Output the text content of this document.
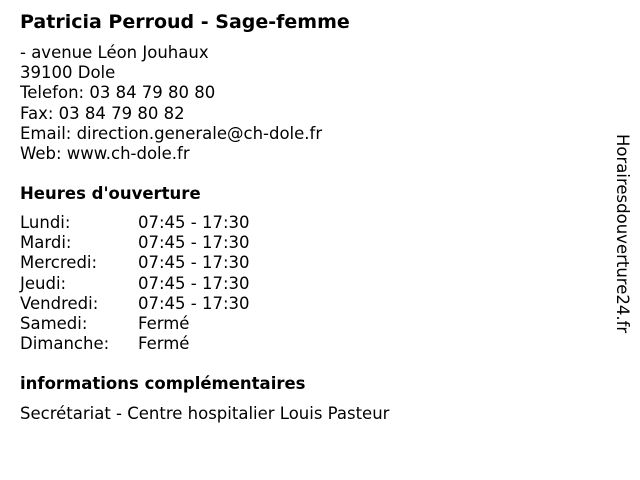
Patricia Perroud - Sage-femme
- avenue Léon Jouhaux
39100 Dole
Telefon: 03 84 79 80 80
Fax: 03 84 79 80 82
Email: direction.generale@ch-dole.fr
Web: www.ch-dole.fr
Heures d'ouverture
Lundi:	07:45 - 17:30
Mardi:	07:45 - 17:30
Mercredi: 07:45 - 17:30
Jeudi:	07:45 - 17:30
Vendredi: 07:45 - 17:30
Samedi:	Fermé
Dimanche: Fermé
informations complémentaires
Secrétariat - Centre hospitalier Louis Pasteur
Horairesdouverture24.fr
